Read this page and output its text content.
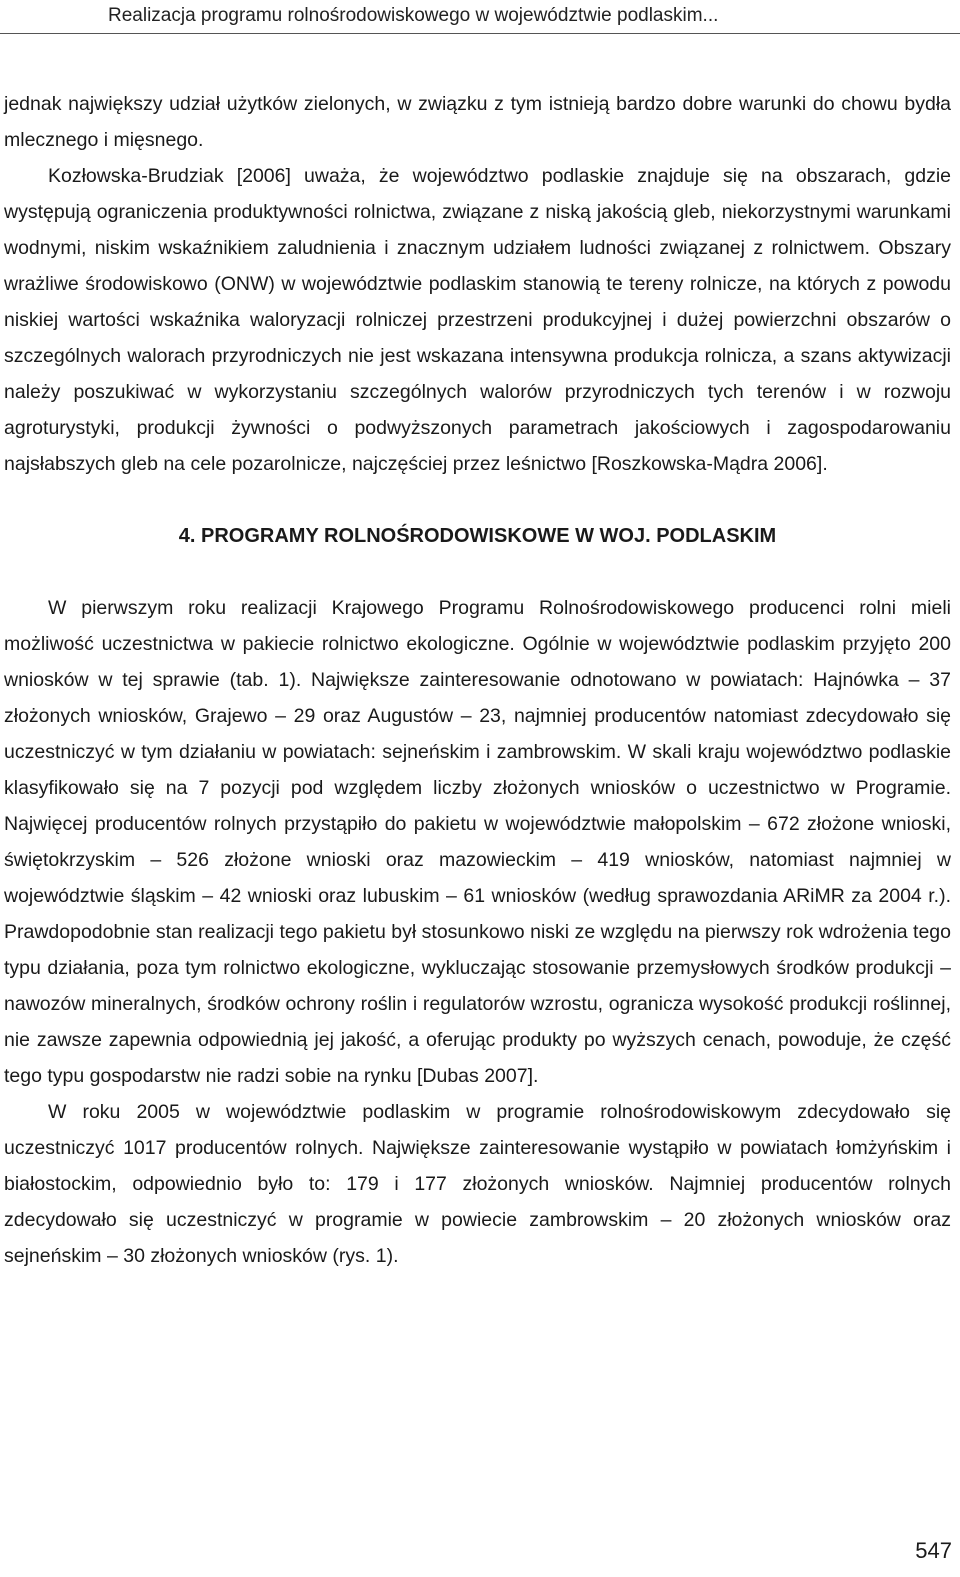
Realizacja programu rolnośrodowiskowego w województwie podlaskim...

jednak największy udział użytków zielonych, w związku z tym istnieją bardzo dobre warunki do chowu bydła mlecznego i mięsnego.

Kozłowska-Brudziak [2006] uważa, że województwo podlaskie znajduje się na obszarach, gdzie występują ograniczenia produktywności rolnictwa, związane z niską jakością gleb, niekorzystnymi warunkami wodnymi, niskim wskaźnikiem zaludnienia i znacznym udziałem ludności związanej z rolnictwem. Obszary wrażliwe środowiskowo (ONW) w województwie podlaskim stanowią te tereny rolnicze, na których z powodu niskiej wartości wskaźnika waloryzacji rolniczej przestrzeni produkcyjnej i dużej powierzchni obszarów o szczególnych walorach przyrodniczych nie jest wskazana intensywna produkcja rolnicza, a szans aktywizacji należy poszukiwać w wykorzystaniu szczególnych walorów przyrodniczych tych terenów i w rozwoju agroturystyki, produkcji żywności o podwyższonych parametrach jakościowych i zagospodarowaniu najsłabszych gleb na cele pozarolnicze, najczęściej przez leśnictwo [Roszkowska-Mądra 2006].

4. PROGRAMY ROLNOŚRODOWISKOWE W WOJ. PODLASKIM

W pierwszym roku realizacji Krajowego Programu Rolnośrodowiskowego producenci rolni mieli możliwość uczestnictwa w pakiecie rolnictwo ekologiczne. Ogólnie w województwie podlaskim przyjęto 200 wniosków w tej sprawie (tab. 1). Największe zainteresowanie odnotowano w powiatach: Hajnówka – 37 złożonych wniosków, Grajewo – 29 oraz Augustów – 23, najmniej producentów natomiast zdecydowało się uczestniczyć w tym działaniu w powiatach: sejneńskim i zambrowskim. W skali kraju województwo podlaskie klasyfikowało się na 7 pozycji pod względem liczby złożonych wniosków o uczestnictwo w Programie. Najwięcej producentów rolnych przystąpiło do pakietu w województwie małopolskim – 672 złożone wnioski, świętokrzyskim – 526 złożone wnioski oraz mazowieckim – 419 wniosków, natomiast najmniej w województwie śląskim – 42 wnioski oraz lubuskim – 61 wniosków (według sprawozdania ARiMR za 2004 r.). Prawdopodobnie stan realizacji tego pakietu był stosunkowo niski ze względu na pierwszy rok wdrożenia tego typu działania, poza tym rolnictwo ekologiczne, wykluczając stosowanie przemysłowych środków produkcji – nawozów mineralnych, środków ochrony roślin i regulatorów wzrostu, ogranicza wysokość produkcji roślinnej, nie zawsze zapewnia odpowiednią jej jakość, a oferując produkty po wyższych cenach, powoduje, że część tego typu gospodarstw nie radzi sobie na rynku [Dubas 2007].

W roku 2005 w województwie podlaskim w programie rolnośrodowiskowym zdecydowało się uczestniczyć 1017 producentów rolnych. Największe zainteresowanie wystąpiło w powiatach łomżyńskim i białostockim, odpowiednio było to: 179 i 177 złożonych wniosków. Najmniej producentów rolnych zdecydowało się uczestniczyć w programie w powiecie zambrowskim – 20 złożonych wniosków oraz sejneńskim – 30 złożonych wniosków (rys. 1).

547
